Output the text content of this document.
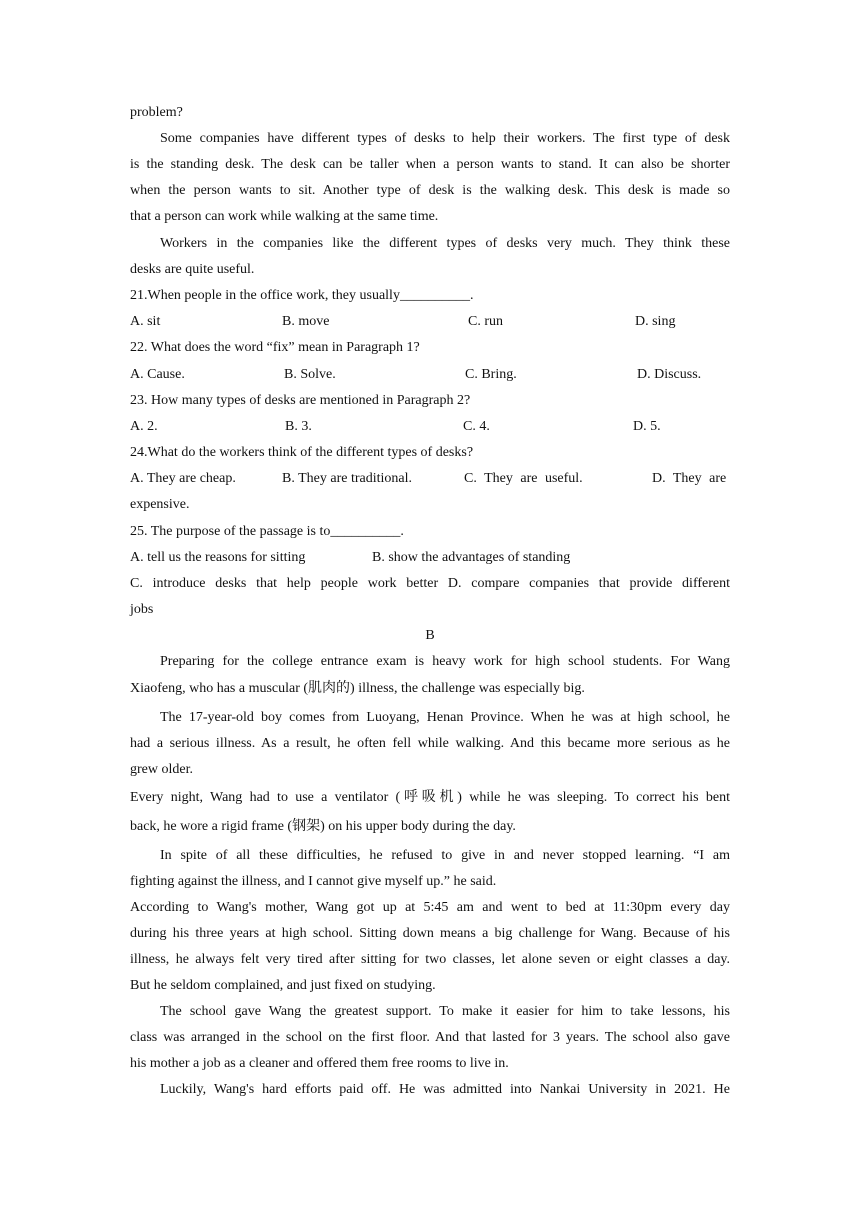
problem?
Some companies have different types of desks to help their workers. The first type of desk
is the standing desk. The desk can be taller when a person wants to stand. It can also be shorter
when the person wants to sit. Another type of desk is the walking desk. This desk is made so
that a person can work while walking at the same time.
Workers in the companies like the different types of desks very much. They think these
desks are quite useful.
21.When people in the office work, they usually__________.
A. sit	B. move	C. run	D. sing
22. What does the word “fix” mean in Paragraph 1?
A. Cause.	B. Solve.	C. Bring.	D. Discuss.
23. How many types of desks are mentioned in Paragraph 2?
A. 2.	B. 3.	C. 4.	D. 5.
24.What do the workers think of the different types of desks?
A. They are cheap.	B. They are traditional.	C. They are useful.	D. They are
expensive.
25. The purpose of the passage is to__________.
A. tell us the reasons for sitting	B. show the advantages of standing
C. introduce desks that help people work better D. compare companies that provide different
jobs
B
Preparing for the college entrance exam is heavy work for high school students. For Wang
Xiaofeng, who has a muscular (肌肉的) illness, the challenge was especially big.
The 17-year-old boy comes from Luoyang, Henan Province. When he was at high school, he
had a serious illness. As a result, he often fell while walking. And this became more serious as he
grew older.
Every night, Wang had to use a ventilator (呼吸机) while he was sleeping. To correct his bent
back, he wore a rigid frame (钢架) on his upper body during the day.
In spite of all these difficulties, he refused to give in and never stopped learning. “I am
fighting against the illness, and I cannot give myself up.” he said.
According to Wang's mother, Wang got up at 5:45 am and went to bed at 11:30pm every day
during his three years at high school. Sitting down means a big challenge for Wang. Because of his
illness, he always felt very tired after sitting for two classes, let alone seven or eight classes a day.
But he seldom complained, and just fixed on studying.
The school gave Wang the greatest support. To make it easier for him to take lessons, his
class was arranged in the school on the first floor. And that lasted for 3 years. The school also gave
his mother a job as a cleaner and offered them free rooms to live in.
Luckily, Wang's hard efforts paid off. He was admitted into Nankai University in 2021. He
